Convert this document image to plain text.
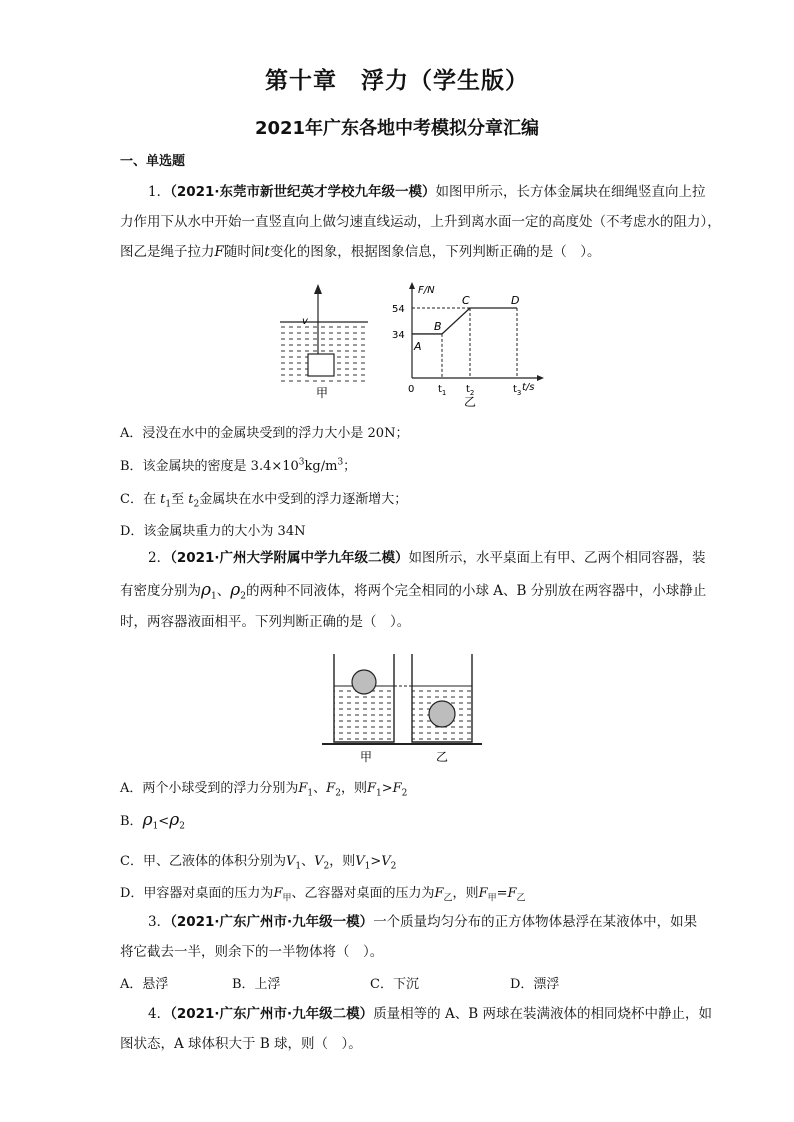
第十章　浮力（学生版）
2021年广东各地中考模拟分章汇编
一、单选题
1．（2021·东莞市新世纪英才学校九年级一模）如图甲所示，长方体金属块在细绳竖直向上拉
力作用下从水中开始一直竖直向上做匀速直线运动，上升到离水面一定的高度处（不考虑水的阻力），
图乙是绳子拉力F随时间t变化的图象，根据图象信息，下列判断正确的是（　）。
v
甲
F/N
t/s
54
34
0 $t_1$ $t_2$	$t_3$
A
B
C	D
乙
A．浸没在水中的金属块受到的浮力大小是 20N；
B．该金属块的密度是 $3.4\times 10^3kg/m^3$；
C．在 $t_1$至 $t_2$金属块在水中受到的浮力逐渐增大；
D．该金属块重力的大小为 34N
2．（2021·广州大学附属中学九年级二模）如图所示，水平桌面上有甲、乙两个相同容器，装
有密度分别为$\rho_1$、$\rho_2$的两种不同液体，将两个完全相同的小球 A、B 分别放在两容器中，小球静止
时，两容器液面相平。下列判断正确的是（　）。
甲	乙
A．两个小球受到的浮力分别为$F_1$、$F_2$，则$F_1>F_2$
B．$\rho_1<\rho_2$
C．甲、乙液体的体积分别为$V_1$、$V_2$，则$V_1>V_2$
D．甲容器对桌面的压力为$F_甲$、乙容器对桌面的压力为$F_乙$，则$F_甲=F_乙$
3．（2021·广东广州市·九年级一模）一个质量均匀分布的正方体物体悬浮在某液体中，如果
将它截去一半，则余下的一半物体将（　）。
A．悬浮	B．上浮	C．下沉	D．漂浮
4．（2021·广东广州市·九年级二模）质量相等的 A、B 两球在装满液体的相同烧杯中静止，如
图状态，A 球体积大于 B 球，则（　）。
